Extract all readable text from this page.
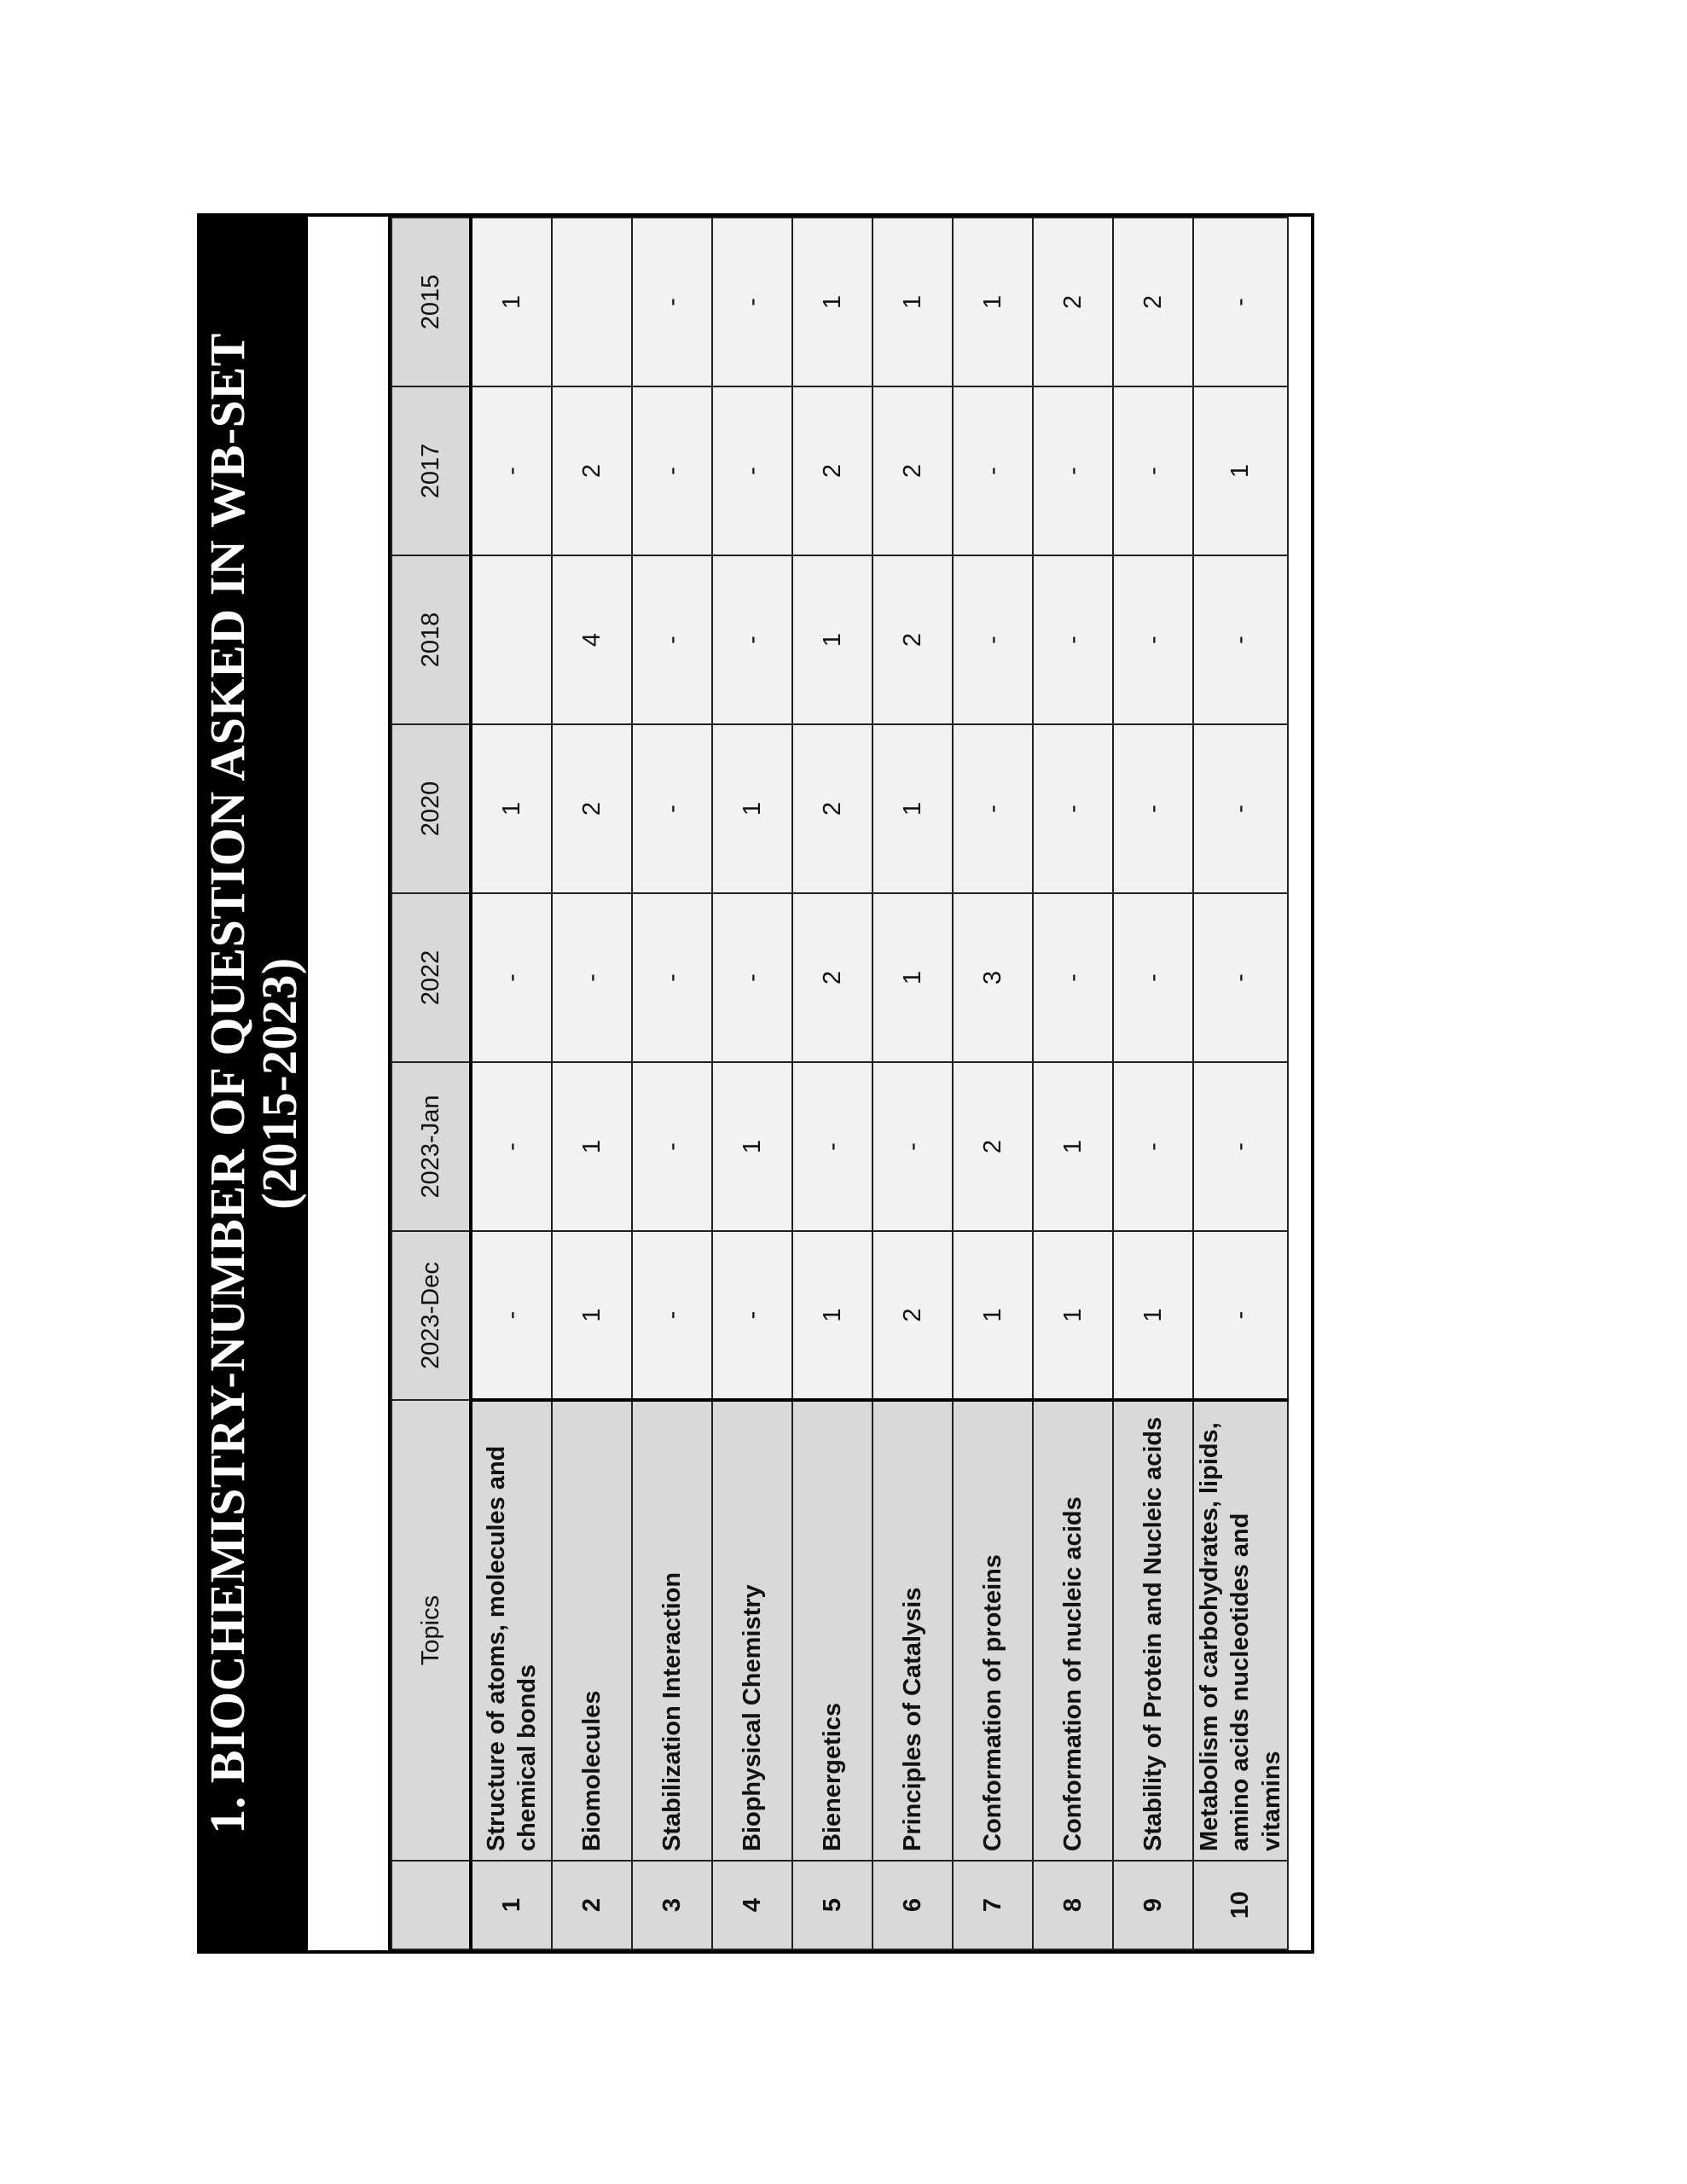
1. BIOCHEMISTRY-NUMBER OF QUESTION ASKED IN WB-SET
(2015-2023)
	Topics	2023-Dec	2023-Jan	2022	2020	2018	2017	2015
1	Structure of atoms, molecules and chemical bonds	-	-	-	1		-	1
2	Biomolecules	1	1	-	2	4	2	
3	Stabilization Interaction	-	-	-	-	-	-	-
4	Biophysical Chemistry	-	1	-	1	-	-	-
5	Bienergetics	1	-	2	2	1	2	1
6	Principles of Catalysis	2	-	1	1	2	2	1
7	Conformation of proteins	1	2	3	-	-	-	1
8	Conformation of nucleic acids	1	1	-	-	-	-	2
9	Stability of Protein and Nucleic acids	1	-	-	-	-	-	2
10	Metabolism of carbohydrates, lipids, amino acids nucleotides and vitamins	-	-	-	-	-	1	-
